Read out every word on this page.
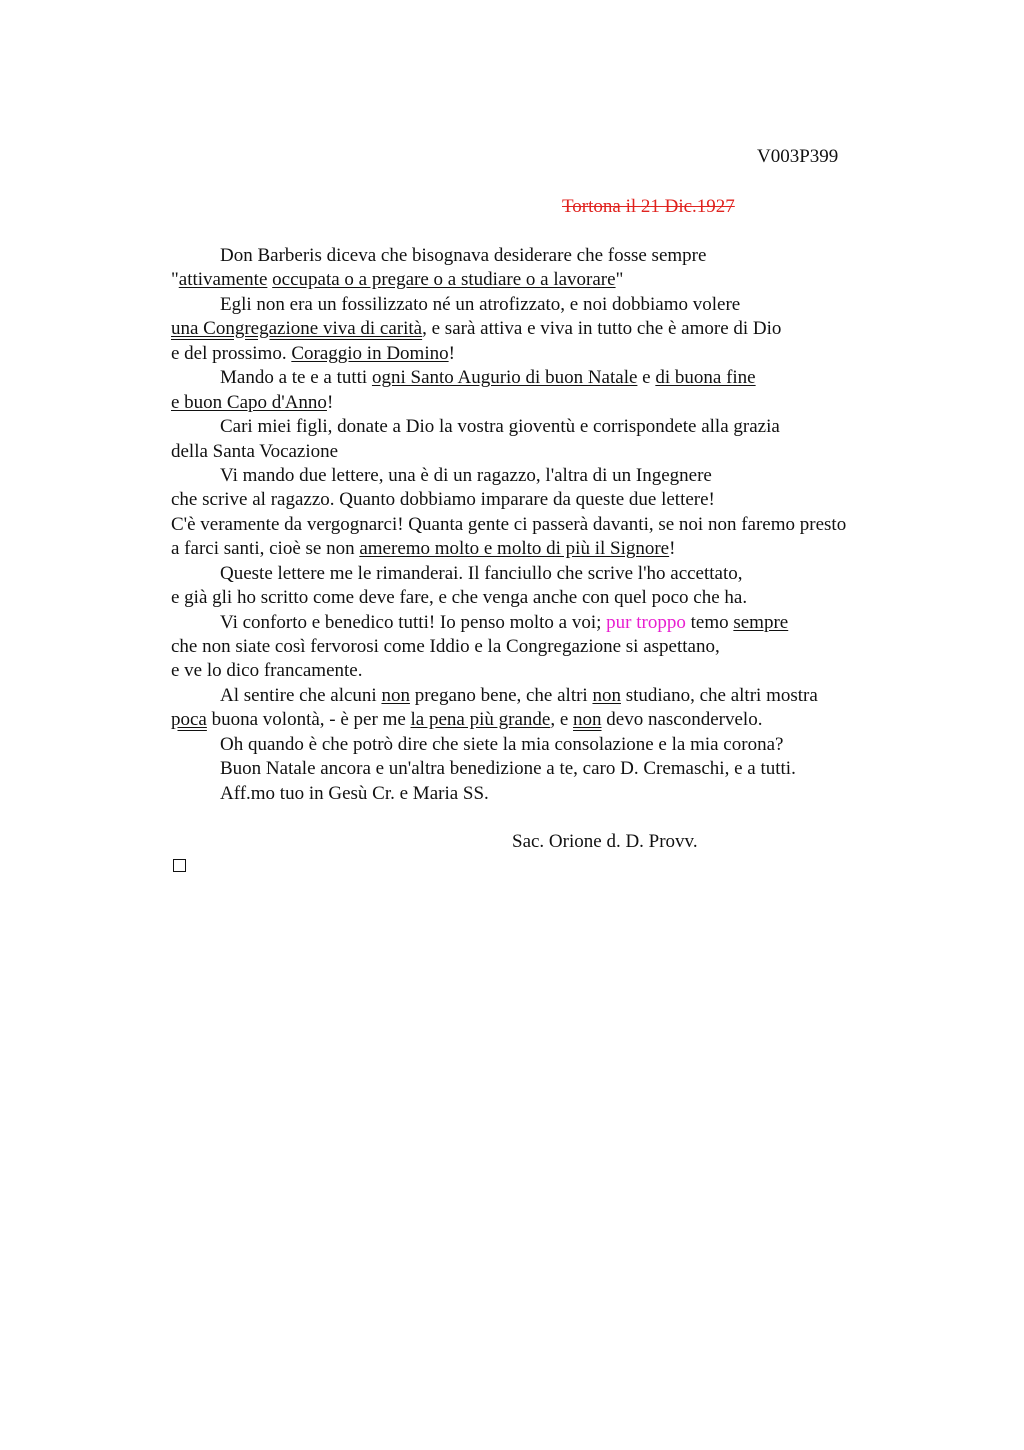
V003P399
Tortona il 21 Dic.1927
Don Barberis diceva che bisognava desiderare che fosse sempre
"attivamente occupata o a pregare o a studiare o a lavorare"
Egli non era un fossilizzato né un atrofizzato, e noi dobbiamo volere
una Congregazione viva di carità, e sarà attiva e viva in tutto che è amore di Dio
e del prossimo. Coraggio in Domino!
Mando a te e a tutti ogni Santo Augurio di buon Natale e di buona fine
e buon Capo d'Anno!
Cari miei figli, donate a Dio la vostra gioventù e corrispondete alla grazia
della Santa Vocazione
Vi mando due lettere, una è di un ragazzo, l'altra di un Ingegnere
che scrive al ragazzo. Quanto dobbiamo imparare da queste due lettere!
C'è veramente da vergognarci! Quanta gente ci passerà davanti, se noi non faremo presto
a farci santi, cioè se non ameremo molto e molto di più il Signore!
Queste lettere me le rimanderai. Il fanciullo che scrive l'ho accettato,
e già gli ho scritto come deve fare, e che venga anche con quel poco che ha.
Vi conforto e benedico tutti! Io penso molto a voi; pur troppo temo sempre
che non siate così fervorosi come Iddio e la Congregazione si aspettano,
e ve lo dico francamente.
Al sentire che alcuni non pregano bene, che altri non studiano, che altri mostra
poca buona volontà, - è per me la pena più grande, e non devo nascondervelo.
Oh quando è che potrò dire che siete la mia consolazione e la mia corona?
Buon Natale ancora e un'altra benedizione a te, caro D. Cremaschi, e a tutti.
Aff.mo tuo in Gesù Cr. e Maria SS.
Sac. Orione d. D. Provv.
